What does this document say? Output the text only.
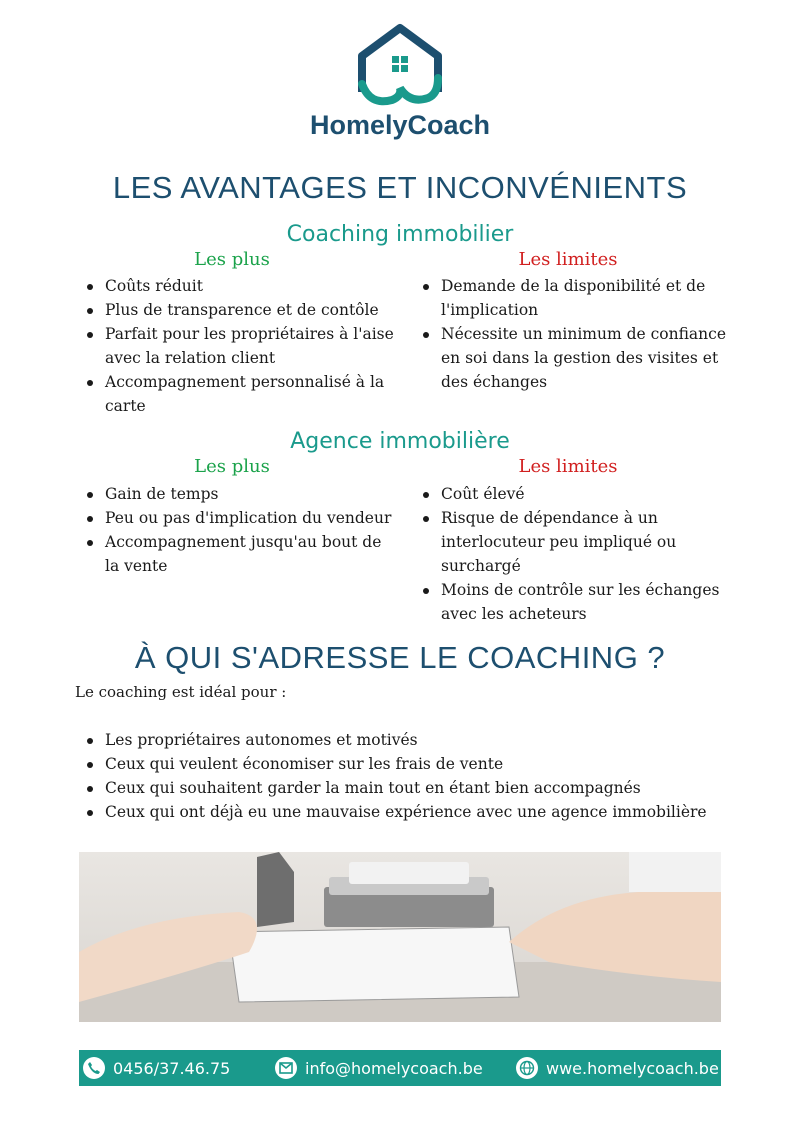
HomelyCoach
LES AVANTAGES ET INCONVÉNIENTS
Coaching immobilier
Les plus	Les limites
Coûts réduit
Plus de transparence et de contôle
Parfait pour les propriétaires à l'aise avec la relation client
Accompagnement personnalisé à la carte
Demande de la disponibilité et de l'implication
Nécessite un minimum de confiance en soi dans la gestion des visites et des échanges
Agence immobilière
Les plus	Les limites
Gain de temps
Peu ou pas d'implication du vendeur
Accompagnement jusqu'au bout de la vente
Coût élevé
Risque de dépendance à un interlocuteur peu impliqué ou surchargé
Moins de contrôle sur les échanges avec les acheteurs
À QUI S'ADRESSE LE COACHING ?
Le coaching est idéal pour :
Les propriétaires autonomes et motivés
Ceux qui veulent économiser sur les frais de vente
Ceux qui souhaitent garder la main tout en étant bien accompagnés
Ceux qui ont déjà eu une mauvaise expérience avec une agence immobilière
0456/37.46.75	info@homelycoach.be	wwe.homelycoach.be
